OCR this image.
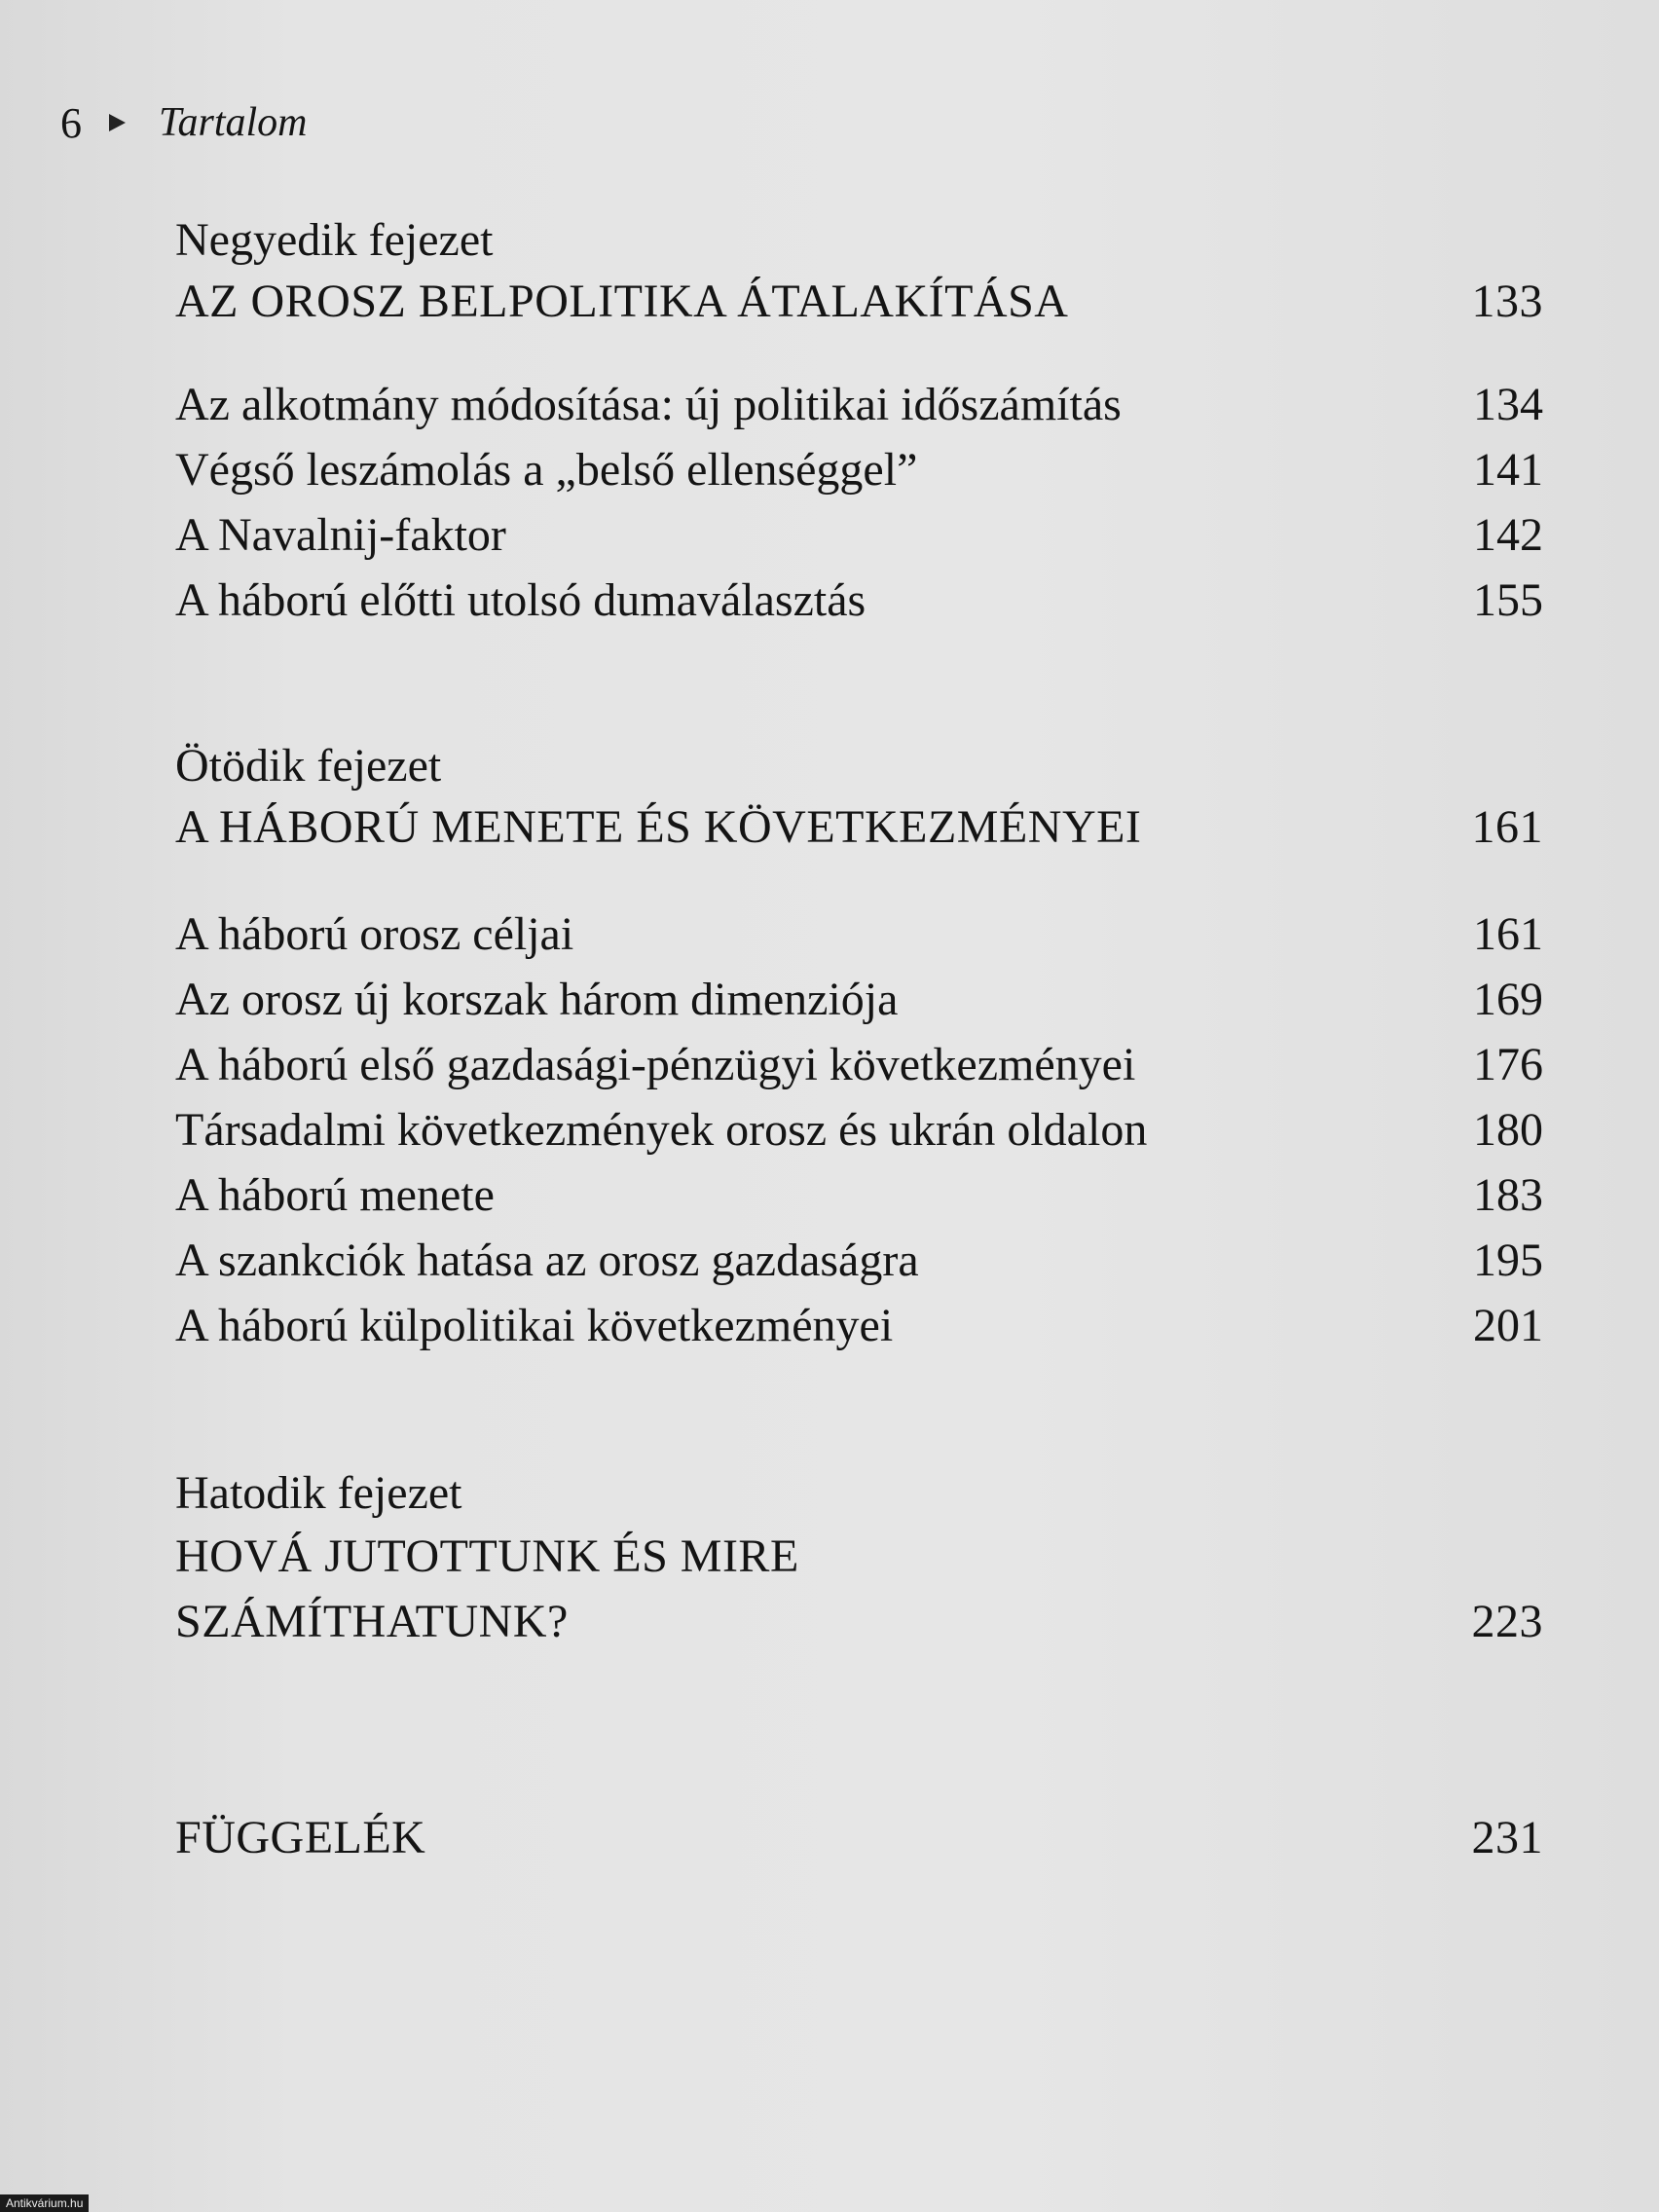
6 Tartalom
Negyedik fejezet
AZ OROSZ BELPOLITIKA ÁTALAKÍTÁSA	133
Az alkotmány módosítása: új politikai időszámítás	134
Végső leszámolás a „belső ellenséggel”	141
A Navalnij-faktor	142
A háború előtti utolsó dumaválasztás	155
Ötödik fejezet
A HÁBORÚ MENETE ÉS KÖVETKEZMÉNYEI	161
A háború orosz céljai	161
Az orosz új korszak három dimenziója	169
A háború első gazdasági-pénzügyi következményei	176
Társadalmi következmények orosz és ukrán oldalon	180
A háború menete	183
A szankciók hatása az orosz gazdaságra	195
A háború külpolitikai következményei	201
Hatodik fejezet
HOVÁ JUTOTTUNK ÉS MIRE
SZÁMÍTHATUNK?	223
FÜGGELÉK	231
Antikvárium.hu
